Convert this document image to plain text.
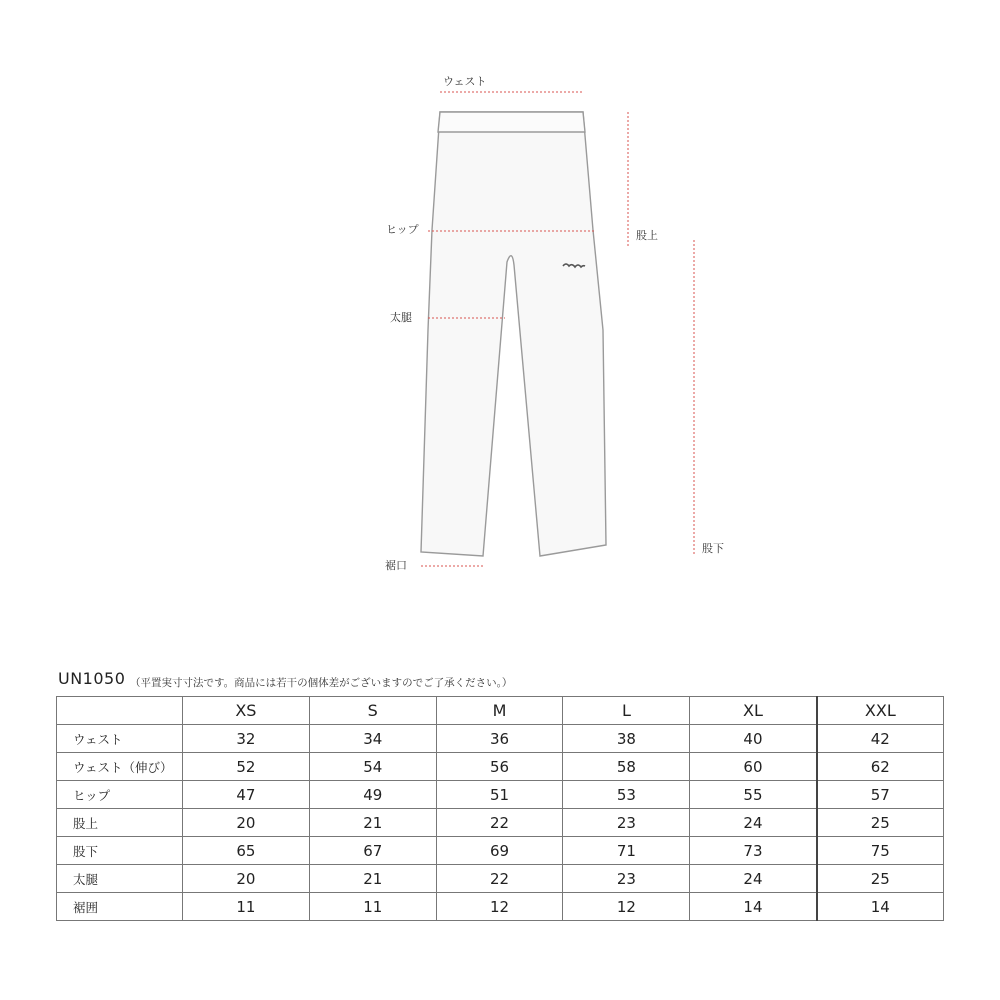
ウェスト
ヒップ
太腿
裾口
股上
股下
UN1050 （平置実寸寸法です。商品には若干の個体差がございますのでご了承ください。）
	XS	S	M	L	XL	XXL
ウェスト	32	34	36	38	40	42
ウェスト（伸び）	52	54	56	58	60	62
ヒップ	47	49	51	53	55	57
股上	20	21	22	23	24	25
股下	65	67	69	71	73	75
太腿	20	21	22	23	24	25
裾囲	11	11	12	12	14	14
